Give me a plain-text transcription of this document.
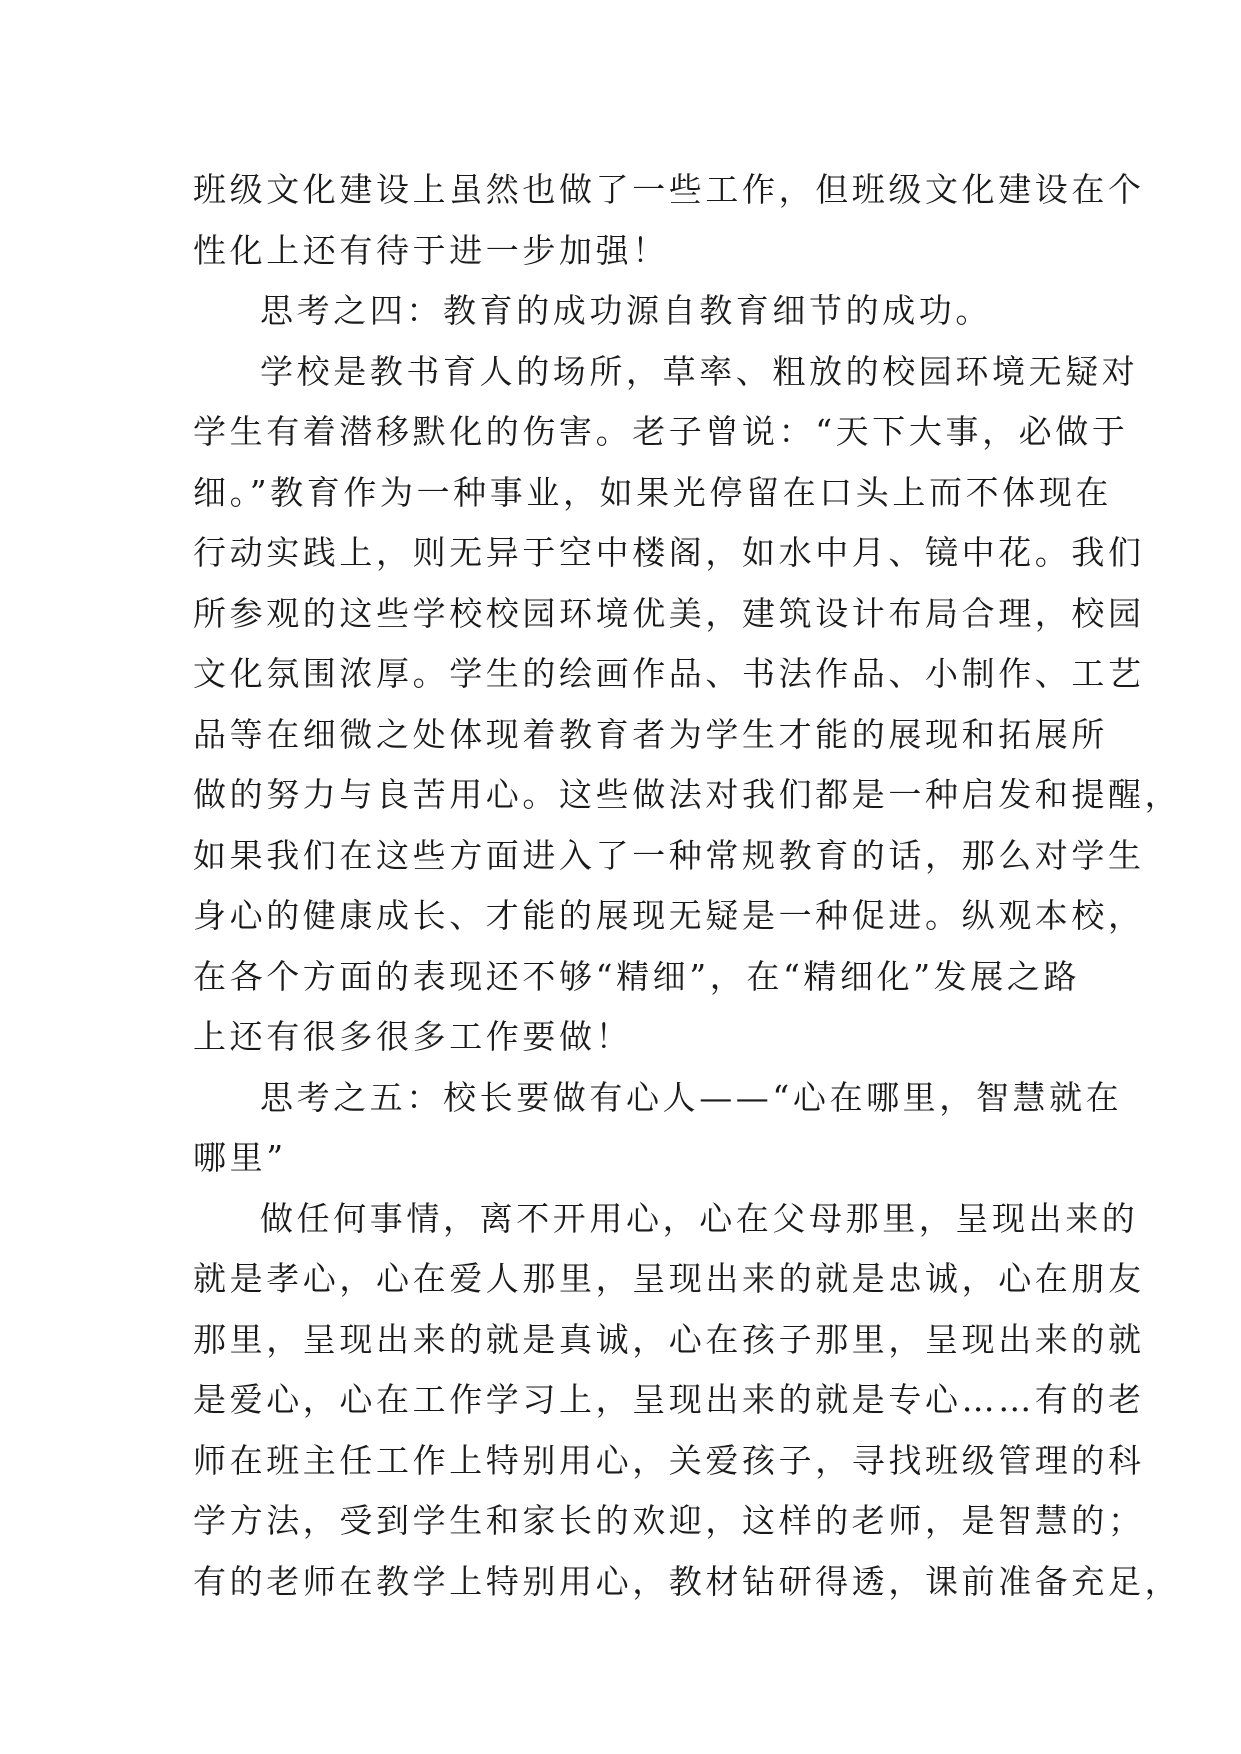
班级文化建设上虽然也做了一些工作，但班级文化建设在个
性化上还有待于进一步加强！
思考之四：教育的成功源自教育细节的成功。
学校是教书育人的场所，草率、粗放的校园环境无疑对
学生有着潜移默化的伤害。老子曾说：“天下大事，必做于
细。”教育作为一种事业，如果光停留在口头上而不体现在
行动实践上，则无异于空中楼阁，如水中月、镜中花。我们
所参观的这些学校校园环境优美，建筑设计布局合理，校园
文化氛围浓厚。学生的绘画作品、书法作品、小制作、工艺
品等在细微之处体现着教育者为学生才能的展现和拓展所
做的努力与良苦用心。这些做法对我们都是一种启发和提醒，
如果我们在这些方面进入了一种常规教育的话，那么对学生
身心的健康成长、才能的展现无疑是一种促进。纵观本校，
在各个方面的表现还不够“精细”，在“精细化”发展之路
上还有很多很多工作要做！
思考之五：校长要做有心人——“心在哪里，智慧就在
哪里”
做任何事情，离不开用心，心在父母那里，呈现出来的
就是孝心，心在爱人那里，呈现出来的就是忠诚，心在朋友
那里，呈现出来的就是真诚，心在孩子那里，呈现出来的就
是爱心，心在工作学习上，呈现出来的就是专心……有的老
师在班主任工作上特别用心，关爱孩子，寻找班级管理的科
学方法，受到学生和家长的欢迎，这样的老师，是智慧的；
有的老师在教学上特别用心，教材钻研得透，课前准备充足，
